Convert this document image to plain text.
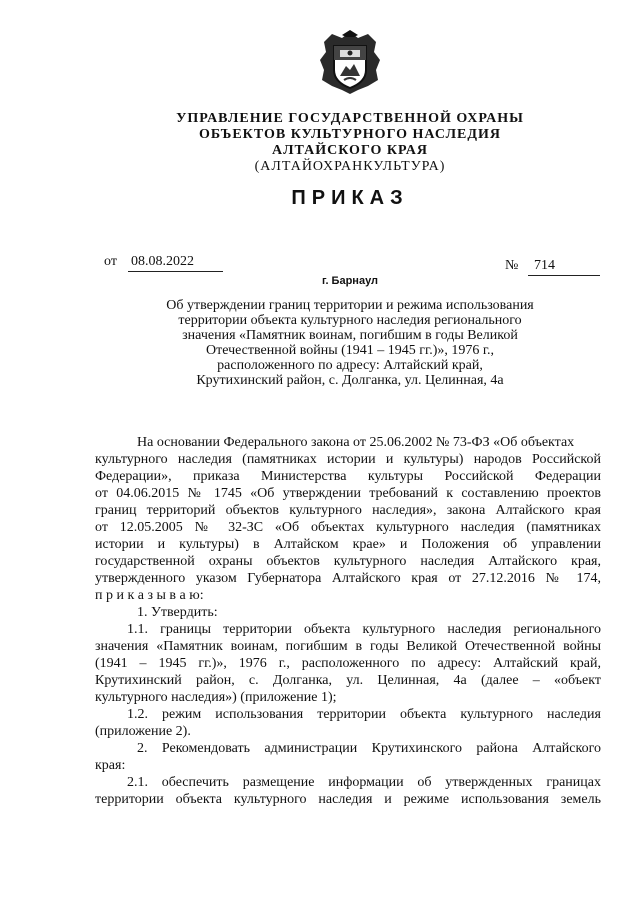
УПРАВЛЕНИЕ ГОСУДАРСТВЕННОЙ ОХРАНЫ
ОБЪЕКТОВ КУЛЬТУРНОГО НАСЛЕДИЯ
АЛТАЙСКОГО КРАЯ
(АЛТАЙОХРАНКУЛЬТУРА)
ПРИКАЗ
от 08.08.2022	№	714
г. Барнаул
Об утверждении границ территории и режима использования
территории объекта культурного наследия регионального
значения «Памятник воинам, погибшим в годы Великой
Отечественной войны (1941 – 1945 гг.)», 1976 г.,
расположенного по адресу: Алтайский край,
Крутихинский район, с. Долганка, ул. Целинная, 4а
На основании Федерального закона от 25.06.2002 № 73-ФЗ «Об объектах
культурного наследия (памятниках истории и культуры) народов Российской
Федерации», приказа Министерства культуры Российской Федерации
от 04.06.2015 № 1745 «Об утверждении требований к составлению проектов
границ территорий объектов культурного наследия», закона Алтайского края
от 12.05.2005 № 32-ЗС «Об объектах культурного наследия (памятниках
истории и культуры) в Алтайском крае» и Положения об управлении
государственной охраны объектов культурного наследия Алтайского края,
утвержденного указом Губернатора Алтайского края от 27.12.2016 № 174,
п р и к а з ы в а ю:
1. Утвердить:
1.1. границы территории объекта культурного наследия регионального
значения «Памятник воинам, погибшим в годы Великой Отечественной войны
(1941 – 1945 гг.)», 1976 г., расположенного по адресу: Алтайский край,
Крутихинский район, с. Долганка, ул. Целинная, 4а (далее – «объект
культурного наследия») (приложение 1);
1.2. режим использования территории объекта культурного наследия
(приложение 2).
2. Рекомендовать администрации Крутихинского района Алтайского
края:
2.1. обеспечить размещение информации об утвержденных границах
территории объекта культурного наследия и режиме использования земель
